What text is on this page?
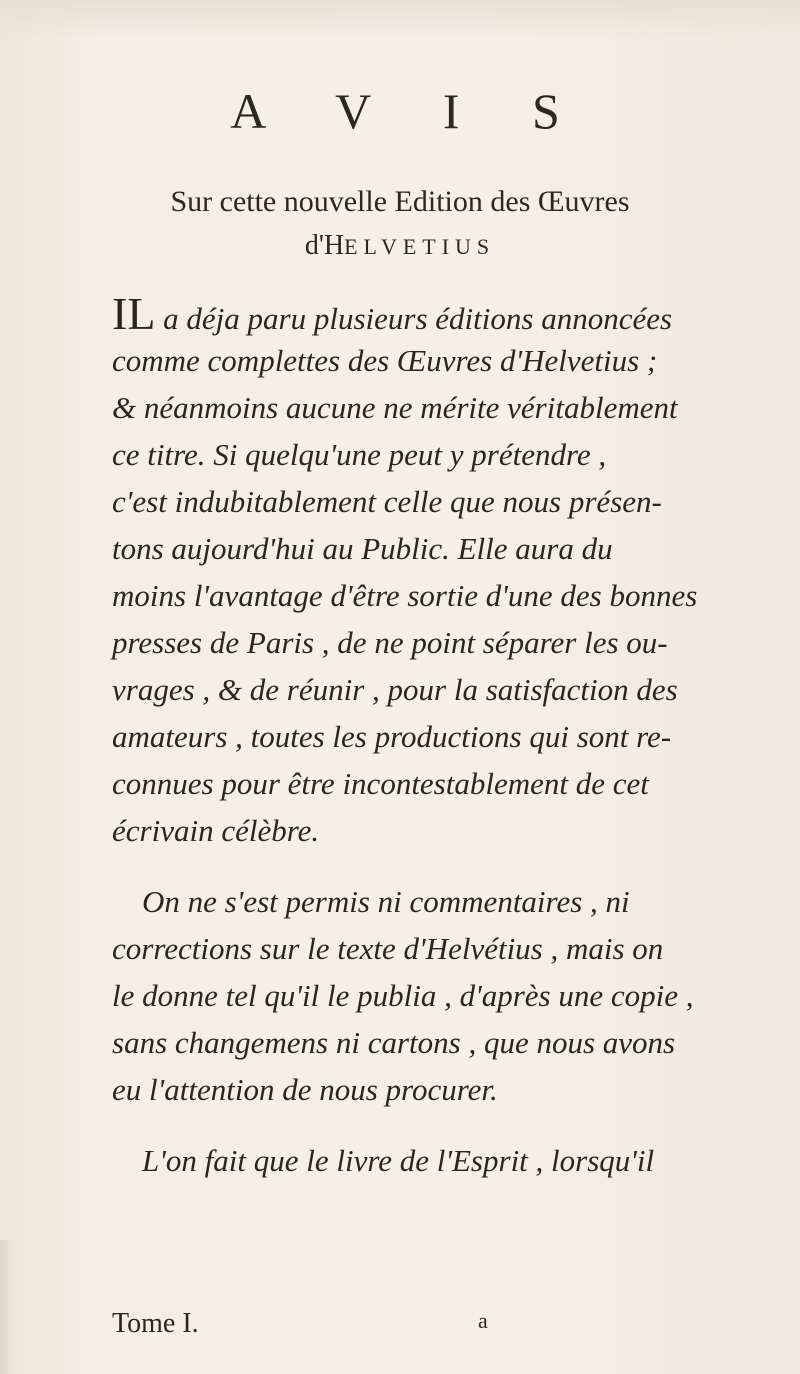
A V I S
Sur cette nouvelle Edition des Œuvres
d'HELVETIUS
IL a déja paru plusieurs éditions annoncées
comme complettes des Œuvres d'Helvetius ;
& néanmoins aucune ne mérite véritablement
ce titre. Si quelqu'une peut y prétendre ,
c'est indubitablement celle que nous présen-
tons aujourd'hui au Public. Elle aura du
moins l'avantage d'être sortie d'une des bonnes
presses de Paris , de ne point séparer les ou-
vrages , & de réunir , pour la satisfaction des
amateurs , toutes les productions qui sont re-
connues pour être incontestablement de cet
écrivain célèbre.
On ne s'est permis ni commentaires , ni
corrections sur le texte d'Helvétius , mais on
le donne tel qu'il le publia , d'après une copie ,
sans changemens ni cartons , que nous avons
eu l'attention de nous procurer.
L'on fait que le livre de l'Esprit , lorsqu'il
Tome I.	a
